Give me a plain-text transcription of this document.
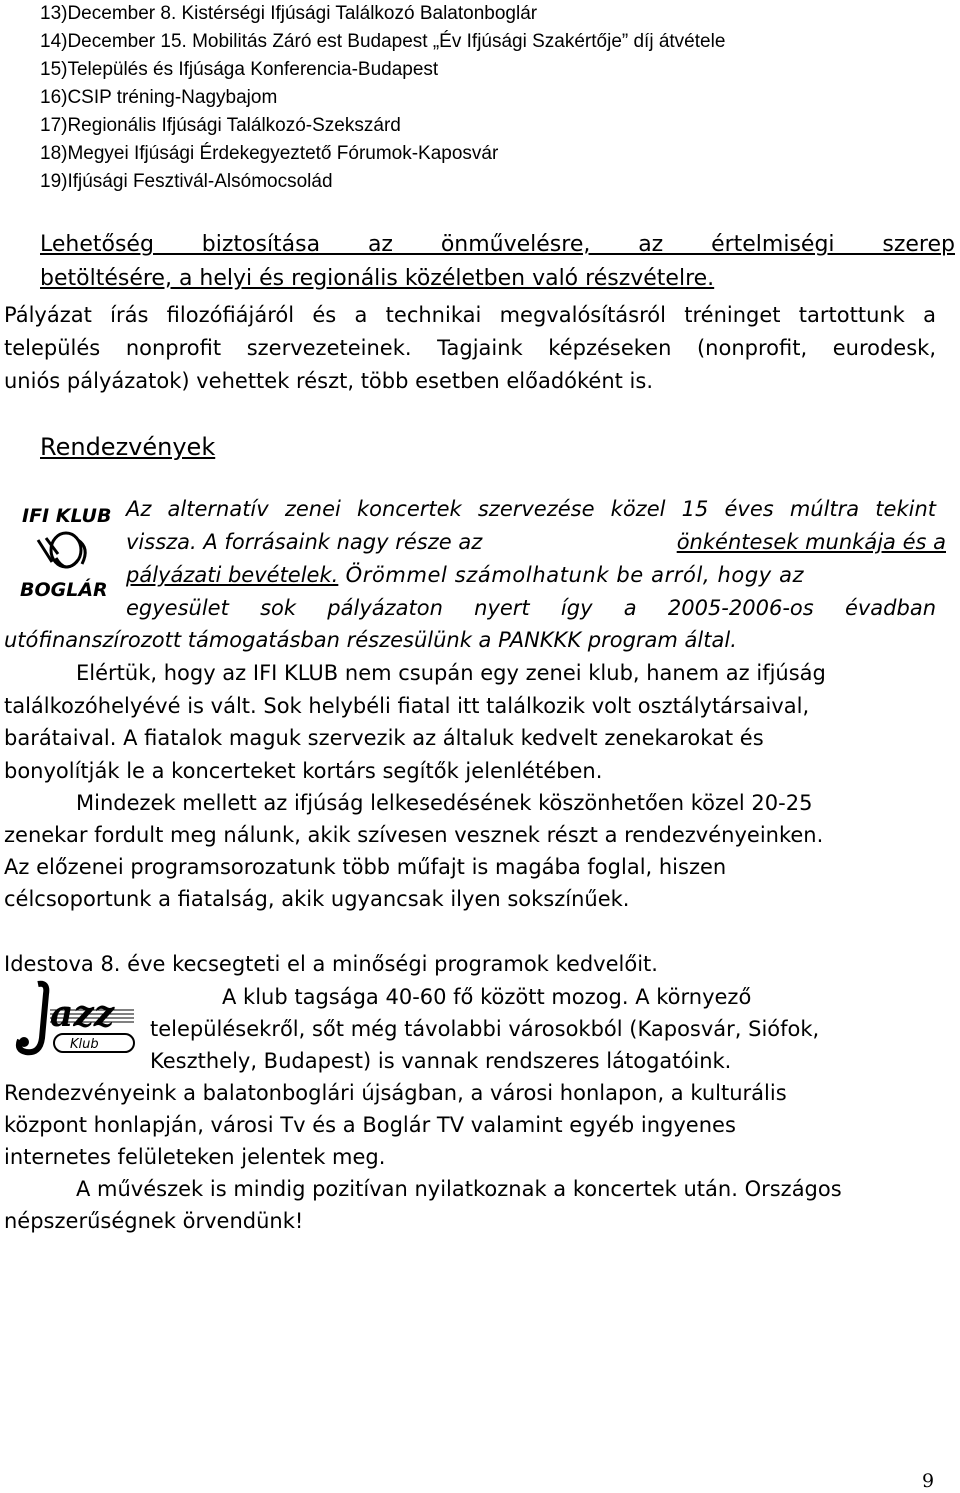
13)December 8. Kistérségi Ifjúsági Találkozó Balatonboglár

14)December 15. Mobilitás Záró est Budapest „Év Ifjúsági Szakértője” díj átvétele

15)Település és Ifjúsága Konferencia-Budapest

16)CSIP tréning-Nagybajom

17)Regionális Ifjúsági Találkozó-Szekszárd

18)Megyei Ifjúsági Érdekegyeztető Fórumok-Kaposvár

19)Ifjúsági Fesztivál-Alsómocsolád

Lehetőség biztosítása az önművelésre, az értelmiségi szerep

betöltésére, a helyi és regionális közéletben való részvételre.

Pályázat írás filozófiájáról és a technikai megvalósításról tréninget tartottunk a

település nonprofit szervezeteinek. Tagjaink képzéseken (nonprofit, eurodesk,

uniós pályázatok) vehettek részt, több esetben előadóként is.

Rendezvények

IFI KLUB
BOGLÁR

Az alternatív zenei koncertek szervezése közel 15 éves múltra tekint

vissza. A forrásaink nagy része az	önkéntesek munkája és a

pályázati bevételek. Örömmel számolhatunk be arról, hogy az

egyesület sok pályázaton nyert így a 2005-2006-os évadban

utófinanszírozott támogatásban részesülünk a PANKKK program által.

Elértük, hogy az IFI KLUB nem csupán egy zenei klub, hanem az ifjúság

találkozóhelyévé is vált. Sok helybéli fiatal itt találkozik volt osztálytársaival,

barátaival. A fiatalok maguk szervezik az általuk kedvelt zenekarokat és

bonyolítják le a koncerteket kortárs segítők jelenlétében.

Mindezek mellett az ifjúság lelkesedésének köszönhetően közel 20-25

zenekar fordult meg nálunk, akik szívesen vesznek részt a rendezvényeinken.

Az előzenei programsorozatunk több műfajt is magába foglal, hiszen

célcsoportunk a fiatalság, akik ugyancsak ilyen sokszínűek.

Idestova 8. éve kecsegteti el a minőségi programok kedvelőit.

azz
Klub

A klub tagsága 40-60 fő között mozog. A környező

településekről, sőt még távolabbi városokból (Kaposvár, Siófok,

Keszthely, Budapest) is vannak rendszeres látogatóink.

Rendezvényeink a balatonboglári újságban, a városi honlapon, a kulturális

központ honlapján, városi Tv és a Boglár TV valamint egyéb ingyenes

internetes felületeken jelentek meg.

A művészek is mindig pozitívan nyilatkoznak a koncertek után. Országos

népszerűségnek örvendünk!

9
